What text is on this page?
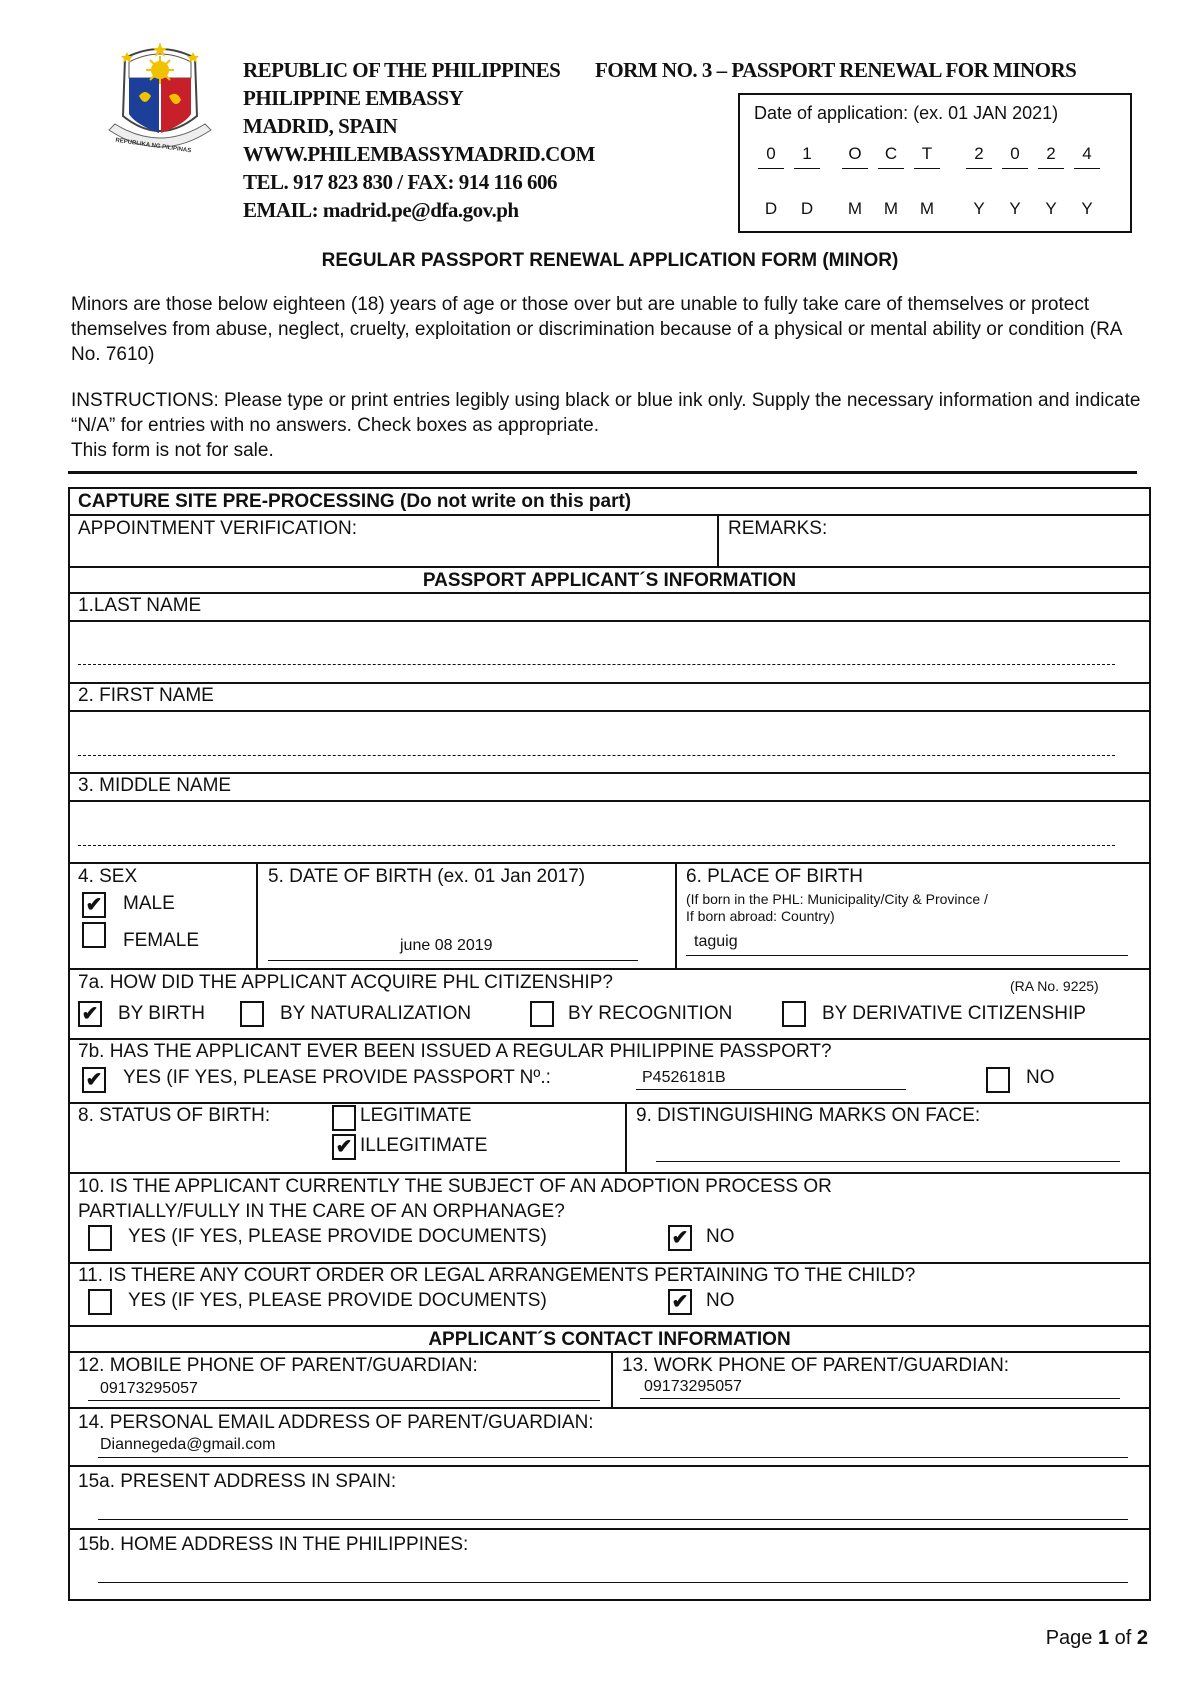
REPUBLIKA NG PILIPINAS
REPUBLIC OF THE PHILIPPINES
PHILIPPINE EMBASSY
MADRID, SPAIN
WWW.PHILEMBASSYMADRID.COM
TEL. 917 823 830 / FAX: 914 116 606
EMAIL: madrid.pe@dfa.gov.ph
FORM NO. 3 – PASSPORT RENEWAL FOR MINORS
Date of application: (ex. 01 JAN 2021)
0	1	O	C	T	2	0	2	4
D	D	M	M	M	Y	Y	Y	Y
REGULAR PASSPORT RENEWAL APPLICATION FORM (MINOR)
Minors are those below eighteen (18) years of age or those over but are unable to fully take care of themselves or protect themselves from abuse, neglect, cruelty, exploitation or discrimination because of a physical or mental ability or condition (RA No. 7610)
INSTRUCTIONS: Please type or print entries legibly using black or blue ink only. Supply the necessary information and indicate “N/A” for entries with no answers. Check boxes as appropriate.
This form is not for sale.
CAPTURE SITE PRE-PROCESSING (Do not write on this part)
APPOINTMENT VERIFICATION:	REMARKS:
PASSPORT APPLICANT´S INFORMATION
1.LAST NAME
2. FIRST NAME
3. MIDDLE NAME
4. SEX
✔ MALE
FEMALE
5. DATE OF BIRTH (ex. 01 Jan 2017)
june 08 2019
6. PLACE OF BIRTH
(If born in the PHL: Municipality/City & Province /
If born abroad: Country)
taguig
7a. HOW DID THE APPLICANT ACQUIRE PHL CITIZENSHIP?	(RA No. 9225)
✔ BY BIRTH	BY NATURALIZATION	BY RECOGNITION	BY DERIVATIVE CITIZENSHIP
7b. HAS THE APPLICANT EVER BEEN ISSUED A REGULAR PHILIPPINE PASSPORT?
✔ YES (IF YES, PLEASE PROVIDE PASSPORT Nº.:	P4526181B	NO
8. STATUS OF BIRTH:	LEGITIMATE
✔ ILLEGITIMATE
9. DISTINGUISHING MARKS ON FACE:
10. IS THE APPLICANT CURRENTLY THE SUBJECT OF AN ADOPTION PROCESS OR
PARTIALLY/FULLY IN THE CARE OF AN ORPHANAGE?
YES (IF YES, PLEASE PROVIDE DOCUMENTS)	✔ NO
11. IS THERE ANY COURT ORDER OR LEGAL ARRANGEMENTS PERTAINING TO THE CHILD?
YES (IF YES, PLEASE PROVIDE DOCUMENTS)	✔ NO
APPLICANT´S CONTACT INFORMATION
12. MOBILE PHONE OF PARENT/GUARDIAN:
09173295057
13. WORK PHONE OF PARENT/GUARDIAN:
09173295057
14. PERSONAL EMAIL ADDRESS OF PARENT/GUARDIAN:
Diannegeda@gmail.com
15a. PRESENT ADDRESS IN SPAIN:
15b. HOME ADDRESS IN THE PHILIPPINES:
Page 1 of 2
